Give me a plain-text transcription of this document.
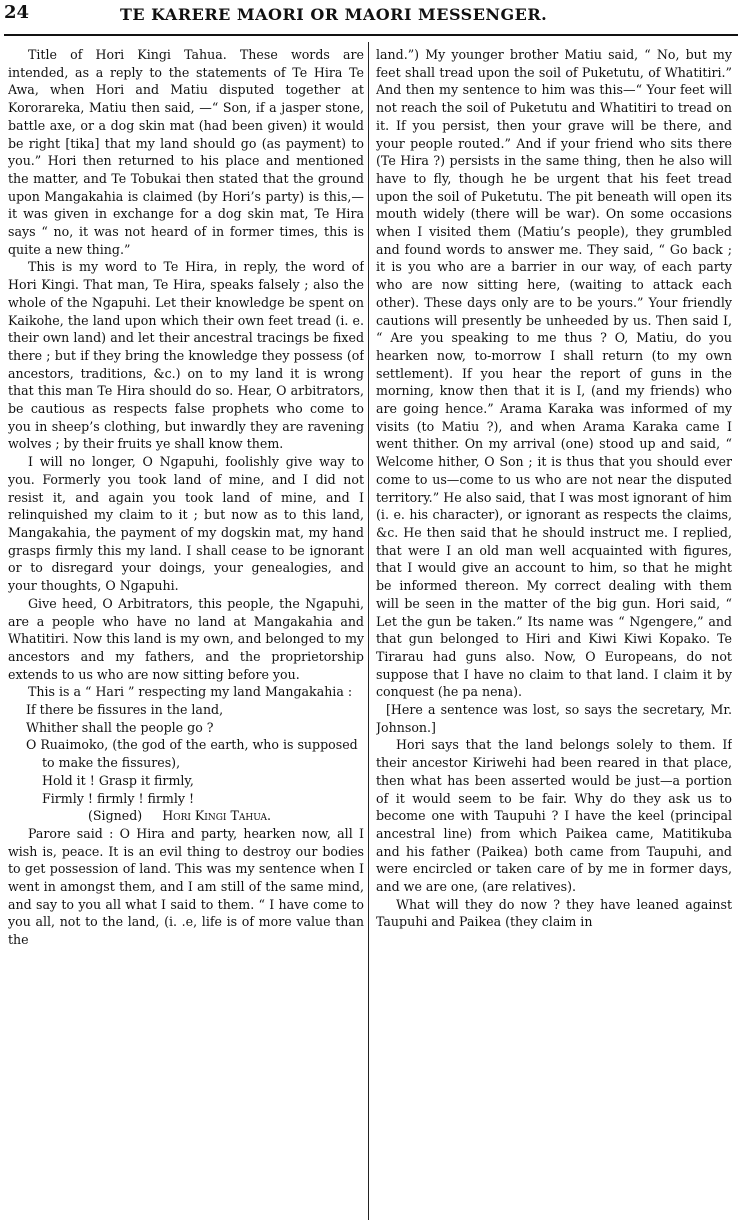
24	TE KARERE MAORI OR MAORI MESSENGER.

Title of Hori Kingi Tahua. These words are intended, as a reply to the statements of Te Hira Te Awa, when Hori and Matiu disputed together at Kororareka, Matiu then said, —“ Son, if a jasper stone, battle axe, or a dog skin mat (had been given) it would be right [tika] that my land should go (as payment) to you.” Hori then returned to his place and mentioned the matter, and Te Tobukai then stated that the ground upon Mangakahia is claimed (by Hori’s party) is this,—it was given in exchange for a dog skin mat, Te Hira says “ no, it was not heard of in former times, this is quite a new thing.”

This is my word to Te Hira, in reply, the word of Hori Kingi. That man, Te Hira, speaks falsely ; also the whole of the Ngapuhi. Let their knowledge be spent on Kaikohe, the land upon which their own feet tread (i. e. their own land) and let their ancestral tracings be fixed there ; but if they bring the knowledge they possess (of ancestors, traditions, &c.) on to my land it is wrong that this man Te Hira should do so. Hear, O arbitrators, be cautious as respects false prophets who come to you in sheep’s clothing, but inwardly they are ravening wolves ; by their fruits ye shall know them.

I will no longer, O Ngapuhi, foolishly give way to you. Formerly you took land of mine, and I did not resist it, and again you took land of mine, and I relinquished my claim to it ; but now as to this land, Mangakahia, the payment of my dogskin mat, my hand grasps firmly this my land. I shall cease to be ignorant or to disregard your doings, your genealogies, and your thoughts, O Ngapuhi.

Give heed, O Arbitrators, this people, the Ngapuhi, are a people who have no land at Mangakahia and Whatitiri. Now this land is my own, and belonged to my ancestors and my fathers, and the proprietorship extends to us who are now sitting before you.

This is a “ Hari ” respecting my land Mangakahia :

If there be fissures in the land,
Whither shall the people go ?
O Ruaimoko, (the god of the earth, who is supposed to make the fissures),
Hold it ! Grasp it firmly,
Firmly ! firmly ! firmly !
(Signed) Hori Kingi Tahua.

Parore said : O Hira and party, hearken now, all I wish is, peace. It is an evil thing to destroy our bodies to get possession of land. This was my sentence when I went in amongst them, and I am still of the same mind, and say to you all what I said to them. “ I have come to you all, not to the land, (i. .e, life is of more value than the

land.”) My younger brother Matiu said, “ No, but my feet shall tread upon the soil of Puketutu, of Whatitiri.” And then my sentence to him was this—“ Your feet will not reach the soil of Puketutu and Whatitiri to tread on it. If you persist, then your grave will be there, and your people routed.” And if your friend who sits there (Te Hira ?) persists in the same thing, then he also will have to fly, though he be urgent that his feet tread upon the soil of Puketutu. The pit beneath will open its mouth widely (there will be war). On some occasions when I visited them (Matiu’s people), they grumbled and found words to answer me. They said, “ Go back ; it is you who are a barrier in our way, of each party who are now sitting here, (waiting to attack each other). These days only are to be yours.” Your friendly cautions will presently be unheeded by us. Then said I, “ Are you speaking to me thus ? O, Matiu, do you hearken now, to-morrow I shall return (to my own settlement). If you hear the report of guns in the morning, know then that it is I, (and my friends) who are going hence.” Arama Karaka was informed of my visits (to Matiu ?), and when Arama Karaka came I went thither. On my arrival (one) stood up and said, “ Welcome hither, O Son ; it is thus that you should ever come to us—come to us who are not near the disputed territory.” He also said, that I was most ignorant of him (i. e. his character), or ignorant as respects the claims, &c. He then said that he should instruct me. I replied, that were I an old man well acquainted with figures, that I would give an account to him, so that he might be informed thereon. My correct dealing with them will be seen in the matter of the big gun. Hori said, “ Let the gun be taken.” Its name was “ Ngengere,” and that gun belonged to Hiri and Kiwi Kiwi Kopako. Te Tirarau had guns also. Now, O Europeans, do not suppose that I have no claim to that land. I claim it by conquest (he pa nena).

[Here a sentence was lost, so says the secretary, Mr. Johnson.]

Hori says that the land belongs solely to them. If their ancestor Kiriwehi had been reared in that place, then what has been asserted would be just—a portion of it would seem to be fair. Why do they ask us to become one with Taupuhi ? I have the keel (principal ancestral line) from which Paikea came, Matitikuba and his father (Paikea) both came from Taupuhi, and were encircled or taken care of by me in former days, and we are one, (are relatives).

What will they do now ? they have leaned against Taupuhi and Paikea (they claim in
